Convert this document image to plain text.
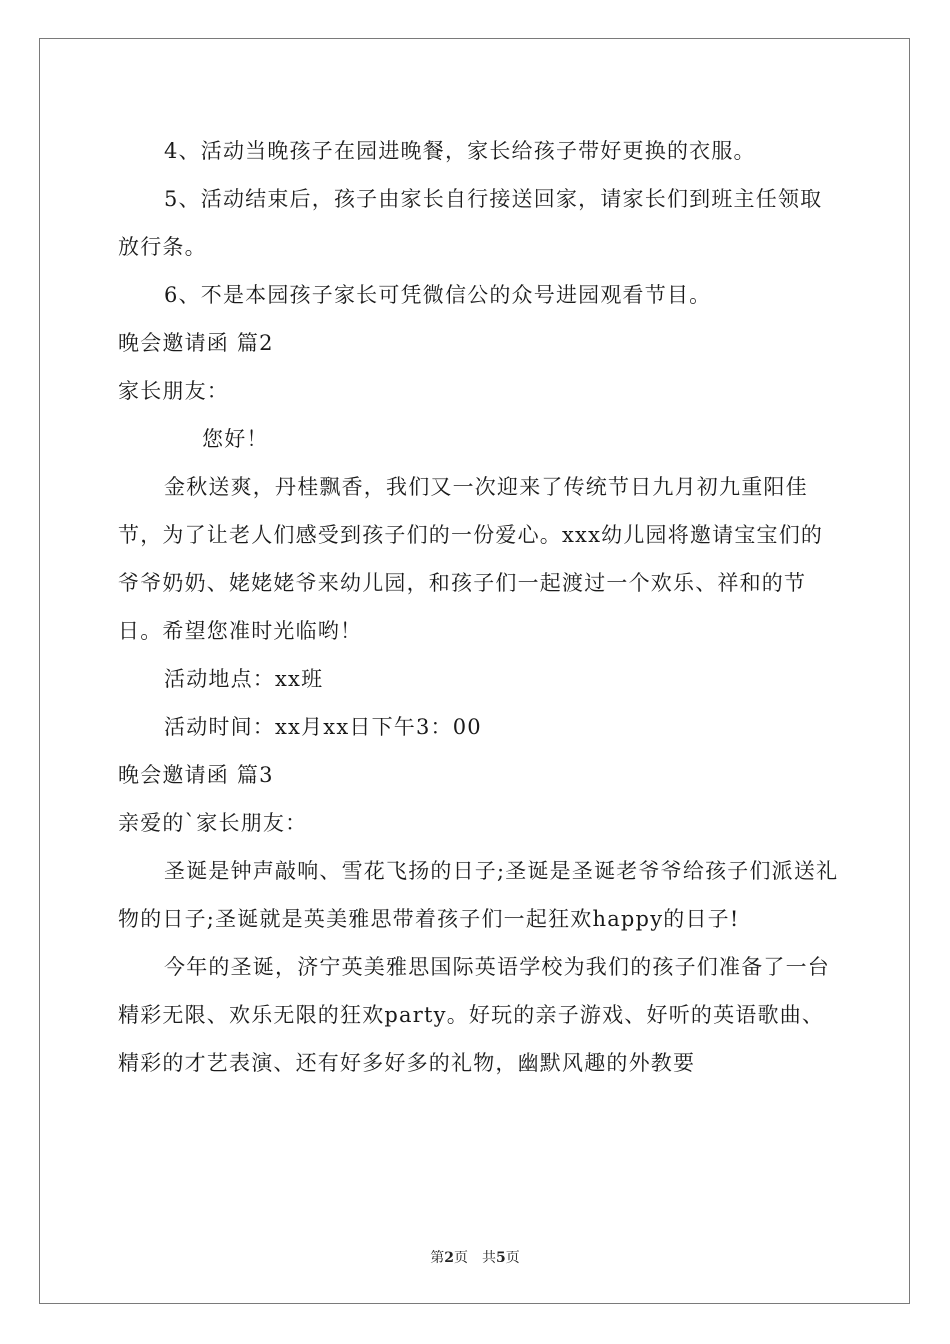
4、活动当晚孩子在园进晚餐，家长给孩子带好更换的衣服。

5、活动结束后，孩子由家长自行接送回家，请家长们到班主任领取放行条。

6、不是本园孩子家长可凭微信公的众号进园观看节目。

晚会邀请函 篇2

家长朋友：

您好！

金秋送爽，丹桂飘香，我们又一次迎来了传统节日九月初九重阳佳节，为了让老人们感受到孩子们的一份爱心。xxx幼儿园将邀请宝宝们的爷爷奶奶、姥姥姥爷来幼儿园，和孩子们一起渡过一个欢乐、祥和的节日。希望您准时光临哟！

活动地点：xx班

活动时间：xx月xx日下午3：00

晚会邀请函 篇3

亲爱的`家长朋友：

圣诞是钟声敲响、雪花飞扬的日子;圣诞是圣诞老爷爷给孩子们派送礼物的日子;圣诞就是英美雅思带着孩子们一起狂欢happy的日子!

今年的圣诞，济宁英美雅思国际英语学校为我们的孩子们准备了一台精彩无限、欢乐无限的狂欢party。好玩的亲子游戏、好听的英语歌曲、精彩的才艺表演、还有好多好多的礼物，幽默风趣的外教要

第2页　共5页
